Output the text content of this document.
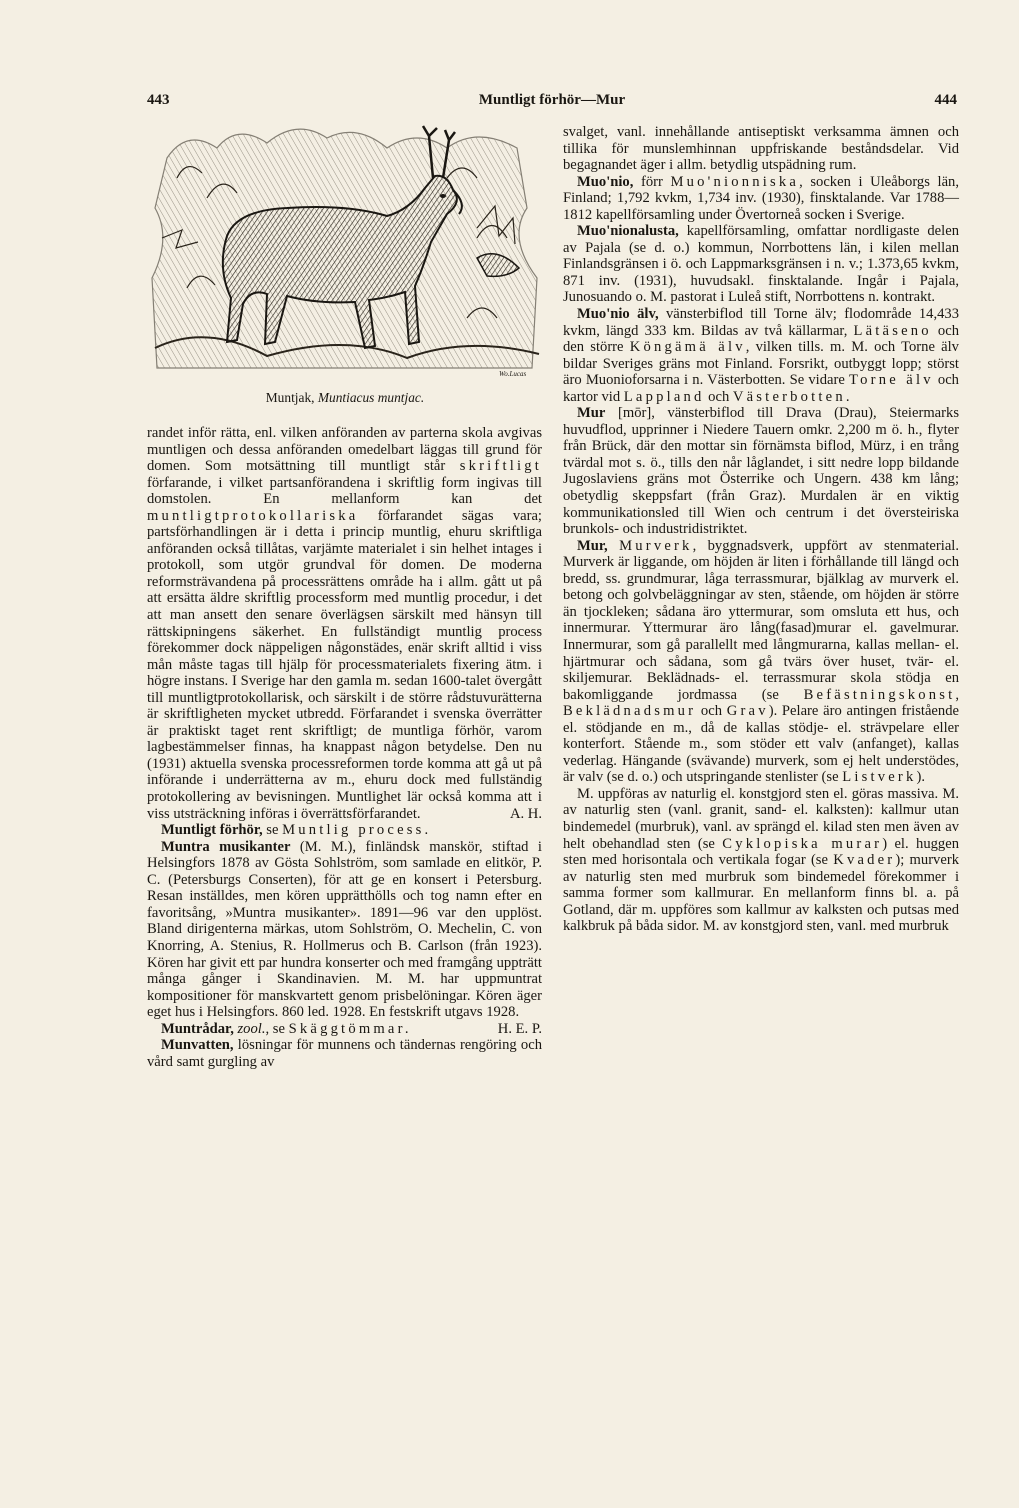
443	Muntligt förhör—Mur	444
Wo.Lucas
Muntjak, Muntiacus muntjac.

randet inför rätta, enl. vilken anföranden av parterna skola avgivas muntligen och dessa anföranden omedelbart läggas till grund för domen. Som motsättning till muntligt står skriftligt förfarande, i vilket partsanförandena i skriftlig form ingivas till domstolen. En mellanform kan det muntligtprotokollariska förfarandet sägas vara; partsförhandlingen är i detta i princip muntlig, ehuru skriftliga anföranden också tillåtas, varjämte materialet i sin helhet intages i protokoll, som utgör grundval för domen. De moderna reformsträvandena på processrättens område ha i allm. gått ut på att ersätta äldre skriftlig processform med muntlig procedur, i det att man ansett den senare överlägsen särskilt med hänsyn till rättskipningens säkerhet. En fullständigt muntlig process förekommer dock näppeligen någonstädes, enär skrift alltid i viss mån måste tagas till hjälp för processmaterialets fixering ätm. i högre instans. I Sverige har den gamla m. sedan 1600-talet övergått till muntligtprotokollarisk, och särskilt i de större rådstuvurätterna är skriftligheten mycket utbredd. Förfarandet i svenska överrätter är praktiskt taget rent skriftligt; de muntliga förhör, varom lagbestämmelser finnas, ha knappast någon betydelse. Den nu (1931) aktuella svenska processreformen torde komma att gå ut på införande i underrätterna av m., ehuru dock med fullständig protokollering av bevisningen. Muntlighet lär också komma att i viss utsträckning införas i överrättsförfarandet.	A. H.

Muntligt förhör, se Muntlig process.

Muntra musikanter (M. M.), finländsk manskör, stiftad i Helsingfors 1878 av Gösta Sohlström, som samlade en elitkör, P. C. (Petersburgs Conserten), för att ge en konsert i Petersburg. Resan inställdes, men kören upprätthölls och tog namn efter en favoritsång, »Muntra musikanter». 1891—96 var den upplöst. Bland dirigenterna märkas, utom Sohlström, O. Mechelin, C. von Knorring, A. Stenius, R. Hollmerus och B. Carlson (från 1923). Kören har givit ett par hundra konserter och med framgång uppträtt många gånger i Skandinavien. M. M. har uppmuntrat kompositioner för manskvartett genom prisbelöningar. Kören äger eget hus i Helsingfors. 860 led. 1928. En festskrift utgavs 1928.
H. E. P.

Muntrådar, zool., se Skäggtömmar.

Munvatten, lösningar för munnens och tändernas rengöring och vård samt gurgling av

svalget, vanl. innehållande antiseptiskt verksamma ämnen och tillika för munslemhinnan uppfriskande beståndsdelar. Vid begagnandet äger i allm. betydlig utspädning rum.

Muo'nio, förr Muo'nionniska, socken i Uleåborgs län, Finland; 1,792 kvkm, 1,734 inv. (1930), finsktalande. Var 1788—1812 kapellförsamling under Övertorneå socken i Sverige.

Muo'nionalusta, kapellförsamling, omfattar nordligaste delen av Pajala (se d. o.) kommun, Norrbottens län, i kilen mellan Finlandsgränsen i ö. och Lappmarksgränsen i n. v.; 1.373,65 kvkm, 871 inv. (1931), huvudsakl. finsktalande. Ingår i Pajala, Junosuando o. M. pastorat i Luleå stift, Norrbottens n. kontrakt.

Muo'nio älv, vänsterbiflod till Torne älv; flodområde 14,433 kvkm, längd 333 km. Bildas av två källarmar, Lätäseno och den större Köngämä älv, vilken tills. m. M. och Torne älv bildar Sveriges gräns mot Finland. Forsrikt, outbyggt lopp; störst äro Muonioforsarna i n. Västerbotten. Se vidare Torne älv och kartor vid Lappland och Västerbotten.

Mur [mōr], vänsterbiflod till Drava (Drau), Steiermarks huvudflod, upprinner i Niedere Tauern omkr. 2,200 m ö. h., flyter från Brück, där den mottar sin förnämsta biflod, Mürz, i en trång tvärdal mot s. ö., tills den når låglandet, i sitt nedre lopp bildande Jugoslaviens gräns mot Österrike och Ungern. 438 km lång; obetydlig skeppsfart (från Graz). Murdalen är en viktig kommunikationsled till Wien och centrum i det översteiriska brunkols- och industridistriktet.

Mur, Murverk, byggnadsverk, uppfört av stenmaterial. Murverk är liggande, om höjden är liten i förhållande till längd och bredd, ss. grundmurar, låga terrassmurar, bjälklag av murverk el. betong och golvbeläggningar av sten, stående, om höjden är större än tjockleken; sådana äro yttermurar, som omsluta ett hus, och innermurar. Yttermurar äro lång(fasad)murar el. gavelmurar. Innermurar, som gå parallellt med långmurarna, kallas mellan- el. hjärtmurar och sådana, som gå tvärs över huset, tvär- el. skiljemurar. Beklädnads- el. terrassmurar skola stödja en bakomliggande jordmassa (se Befästningskonst, Beklädnadsmur och Grav). Pelare äro antingen fristående el. stödjande en m., då de kallas stödje- el. strävpelare eller konterfort. Stående m., som stöder ett valv (anfanget), kallas vederlag. Hängande (svävande) murverk, som ej helt understödes, är valv (se d. o.) och utspringande stenlister (se Listverk).

M. uppföras av naturlig el. konstgjord sten el. göras massiva. M. av naturlig sten (vanl. granit, sand- el. kalksten): kallmur utan bindemedel (murbruk), vanl. av sprängd el. kilad sten men även av helt obehandlad sten (se Cyklopiska murar) el. huggen sten med horisontala och vertikala fogar (se Kvader); murverk av naturlig sten med murbruk som bindemedel förekommer i samma former som kallmurar. En mellanform finns bl. a. på Gotland, där m. uppföres som kallmur av kalksten och putsas med kalkbruk på båda sidor. M. av konstgjord sten, vanl. med murbruk
